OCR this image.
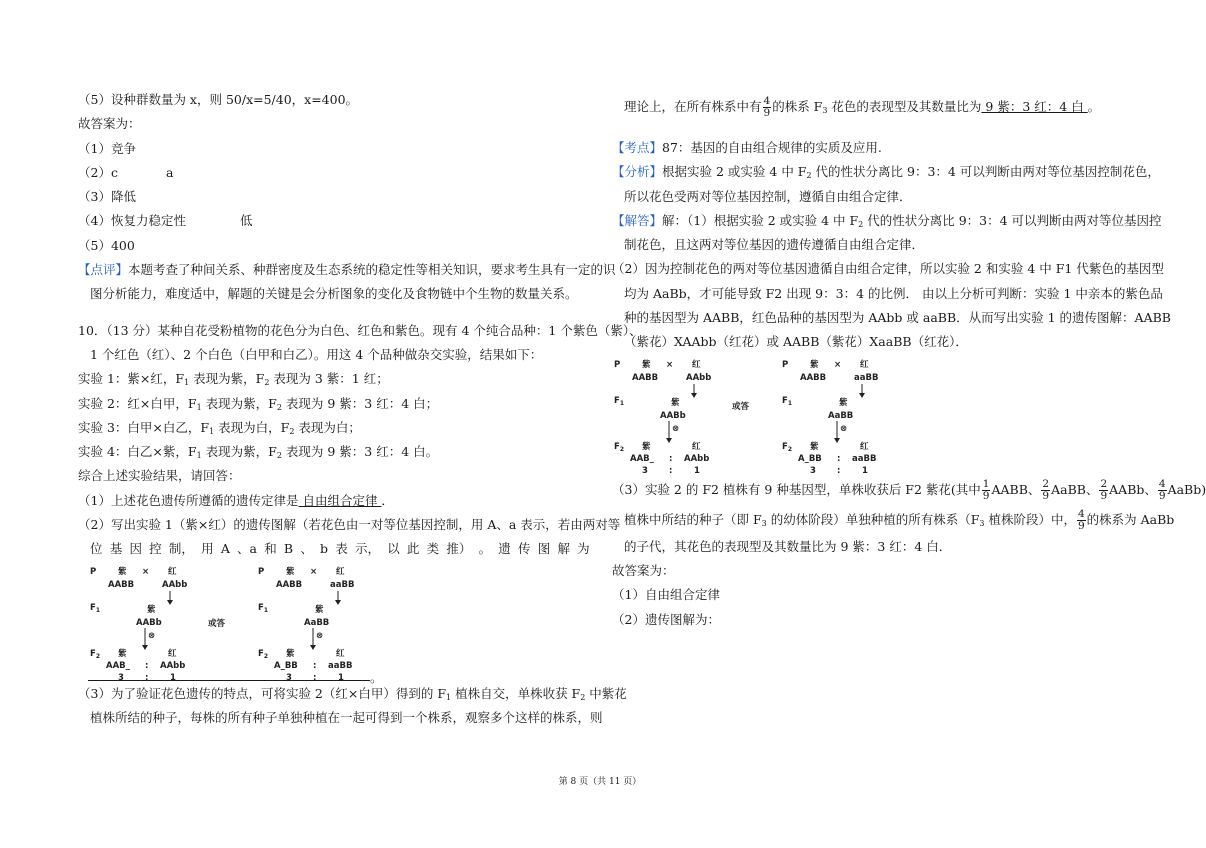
（5）设种群数量为 x，则 50/x=5/40，x=400。
故答案为：
（1）竞争
（2）c	a
（3）降低
（4）恢复力稳定性	低
（5）400
【点评】本题考查了种间关系、种群密度及生态系统的稳定性等相关知识，要求考生具有一定的识
图分析能力，难度适中，解题的关键是会分析图象的变化及食物链中个生物的数量关系。
10．（13 分）某种自花受粉植物的花色分为白色、红色和紫色。现有 4 个纯合品种：1 个紫色（紫）、
1 个红色（红）、2 个白色（白甲和白乙）。用这 4 个品种做杂交实验，结果如下：
实验 1：紫×红，$F_1$ 表现为紫，$F_2$ 表现为 3 紫：1 红；
实验 2：红×白甲，$F_1$ 表现为紫，$F_2$ 表现为 9 紫：3 红：4 白；
实验 3：白甲×白乙，$F_1$ 表现为白，$F_2$ 表现为白；
实验 4：白乙×紫，$F_1$ 表现为紫，$F_2$ 表现为 9 紫：3 红：4 白。
综合上述实验结果，请回答：
（1）上述花色遗传所遵循的遗传定律是 自由组合定律 ．
（2）写出实验 1（紫×红）的遗传图解（若花色由一对等位基因控制，用 A、a 表示，若由两对等
位 基 因 控 制， 用 A 、a 和 B 、 b 表 示， 以 此 类 推） 。 遗 传 图 解 为
P	紫 × 红
AABB	AAbb
$F_1$	紫
AABb
⊗
$F_2$ 紫	红
AAB_ : AAbb
3 :	1
或答
P	紫 × 红
AABB	aaBB
$F_1$	紫
AaBB
⊗
$F_2$ 紫	红
A_BB : aaBB
3 :	1 。
（3）为了验证花色遗传的特点，可将实验 2（红×白甲）得到的 $F_1$ 植株自交，单株收获 $F_2$ 中紫花
植株所结的种子，每株的所有种子单独种植在一起可得到一个株系，观察多个这样的株系，则
理论上，在所有株系中有 $\frac{4}{9}$ 的株系 $F_3$ 花色的表现型及其数量比为 9 紫：3 红：4 白 。
【考点】87：基因的自由组合规律的实质及应用.
【分析】根据实验 2 或实验 4 中 $F_2$ 代的性状分离比 9：3：4 可以判断由两对等位基因控制花色，
所以花色受两对等位基因控制，遵循自由组合定律．
【解答】解：（1）根据实验 2 或实验 4 中 $F_2$ 代的性状分离比 9：3：4 可以判断由两对等位基因控
制花色，且这两对等位基因的遗传遵循自由组合定律．
（2）因为控制花色的两对等位基因遗循自由组合定律，所以实验 2 和实验 4 中 F1 代紫色的基因型
均为 AaBb，才可能导致 F2 出现 9：3：4 的比例． 由以上分析可判断：实验 1 中亲本的紫色品
种的基因型为 AABB，红色品种的基因型为 AAbb 或 aaBB．从而写出实验 1 的遗传图解：AABB
（紫花）XAAbb（红花）或 AABB（紫花）XaaBB（红花）．
P	紫 × 红
AABB	AAbb
$F_1$	紫
AABb
⊗
$F_2$ 紫	红
AAB_ : AAbb
3 :	1
或答
P	紫 × 红
AABB	aaBB
$F_1$	紫
AaBB
⊗
$F_2$ 紫	红
A_BB : aaBB
3 :	1
（3）实验 2 的 F2 植株有 9 种基因型，单株收获后 F2 紫花(其中 $\frac{1}{9}$ AABB、 $\frac{2}{9}$ AaBB、 $\frac{2}{9}$ AABb、 $\frac{4}{9}$ AaBb)
植株中所结的种子（即 $F_3$ 的幼体阶段）单独种植的所有株系（$F_3$ 植株阶段）中， $\frac{4}{9}$ 的株系为 AaBb
的子代，其花色的表现型及其数量比为 9 紫：3 红：4 白．
故答案为：
（1）自由组合定律
（2）遗传图解为：
第 8 页（共 11 页）
